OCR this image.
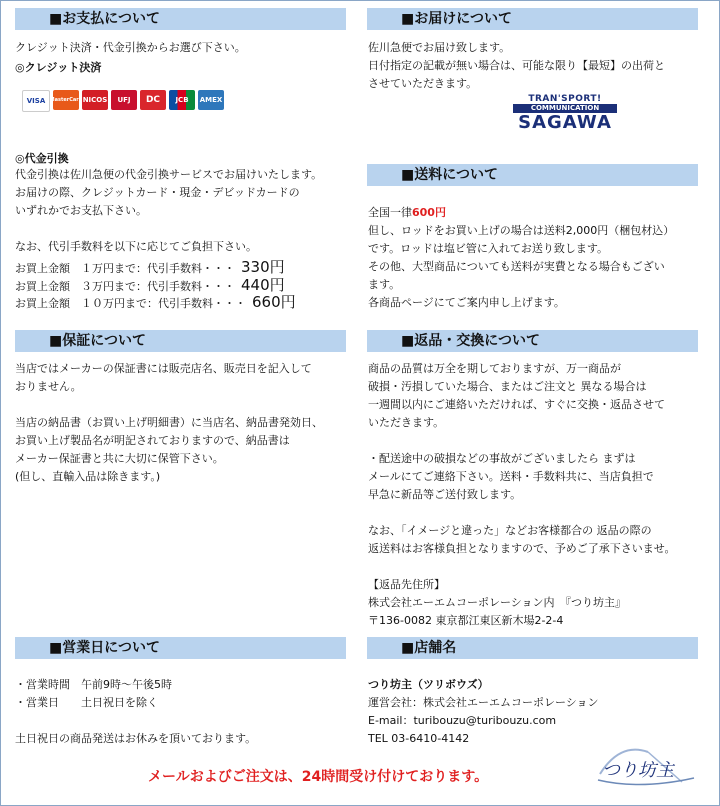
■お支払について
クレジット決済・代金引換からお選び下さい。
◎クレジット決済
VISA MasterCard NICOS	UFJ	DC	JCB	AMEX
◎代金引換
代金引換は佐川急便の代金引換サービスでお届けいたします。
お届けの際、クレジットカード・現金・デビッドカードの
いずれかでお支払下さい。

なお、代引手数料を以下に応じてご負担下さい。
お買上金額　１万円まで：代引手数料・・・ 330円
お買上金額　３万円まで：代引手数料・・・ 440円
お買上金額　１０万円まで：代引手数料・・・ 660円
■お届けについて
佐川急便でお届け致します。
日付指定の記載が無い場合は、可能な限り【最短】の出荷と
させていただきます。
TRAN'SPORT!
COMMUNICATION
SAGAWA
■送料について
全国一律600円
但し、ロッドをお買い上げの場合は送料2,000円（梱包材込）
です。ロッドは塩ビ管に入れてお送り致します。
その他、大型商品についても送料が実費となる場合もござい
ます。
各商品ページにてご案内申し上げます。
■保証について
当店ではメーカーの保証書には販売店名、販売日を記入して
おりません。

当店の納品書（お買い上げ明細書）に当店名、納品書発効日、
お買い上げ製品名が明記されておりますので、納品書は
メーカー保証書と共に大切に保管下さい。
(但し、直輸入品は除きます。)
■返品・交換について
商品の品質は万全を期しておりますが、万一商品が
破損・汚損していた場合、またはご注文と 異なる場合は
一週間以内にご連絡いただければ、すぐに交換・返品させて
いただきます。

・配送途中の破損などの事故がございましたら まずは
メールにてご連絡下さい。送料・手数料共に、当店負担で
早急に新品等ご送付致します。

なお、「イメージと違った」などお客様都合の 返品の際の
返送料はお客様負担となりますので、予めご了承下さいませ。

【返品先住所】
株式会社エーエムコーポレーション内　『つり坊主』
〒136-0082 東京都江東区新木場2-2-4
■営業日について
・営業時間　午前9時～午後5時
・営業日　　土日祝日を除く

土日祝日の商品発送はお休みを頂いております。
■店舗名
つり坊主（ツリボウズ）
運営会社：株式会社エーエムコーポレーション
E-mail：turibouzu@turibouzu.com
TEL 03-6410-4142
メールおよびご注文は、24時間受け付けております。	つり坊主
